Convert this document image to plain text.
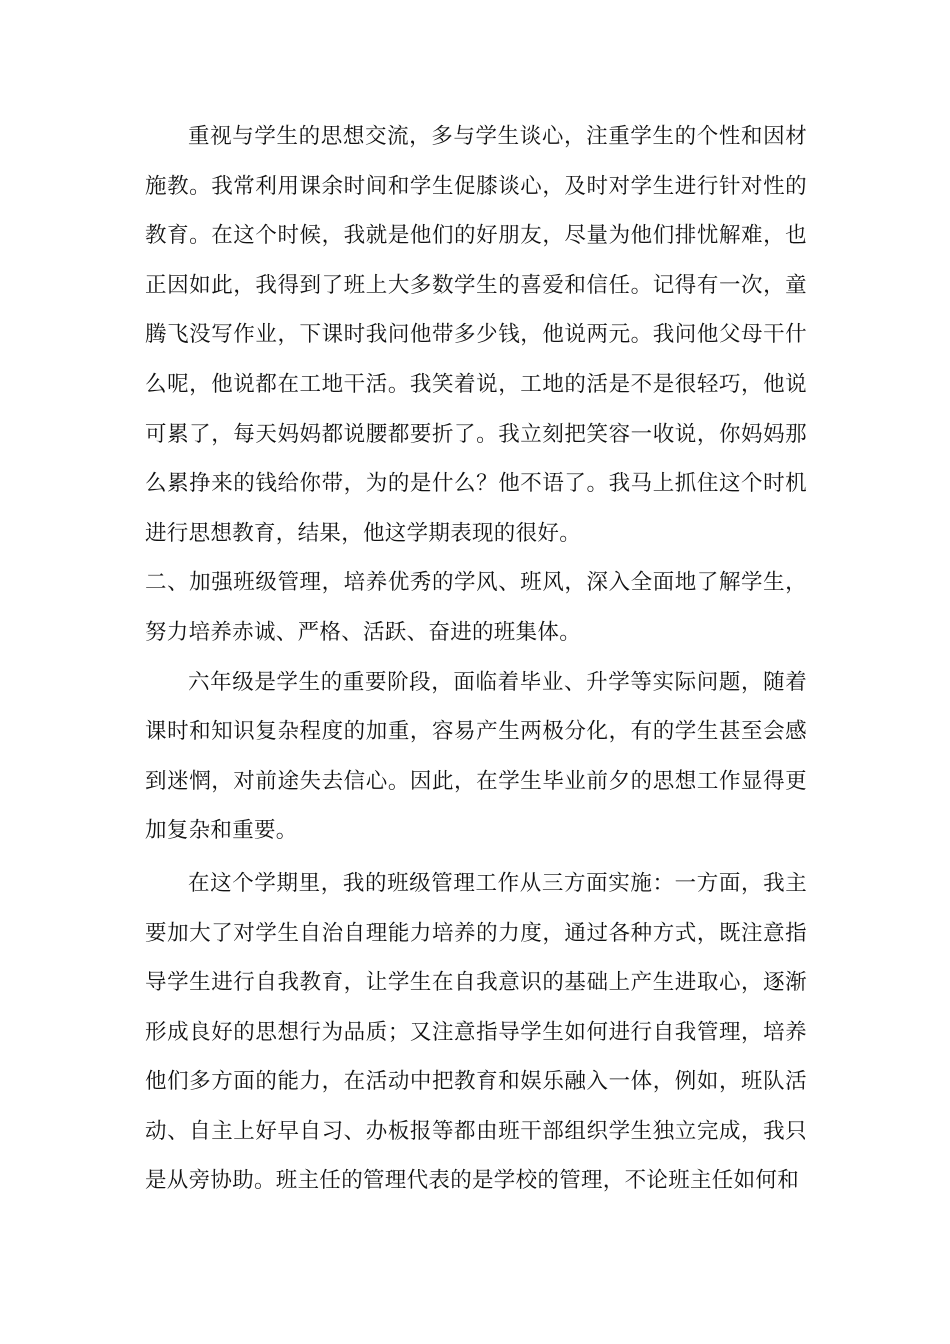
重视与学生的思想交流，多与学生谈心，注重学生的个性和因材施教。我常利用课余时间和学生促膝谈心，及时对学生进行针对性的教育。在这个时候，我就是他们的好朋友，尽量为他们排忧解难，也正因如此，我得到了班上大多数学生的喜爱和信任。记得有一次，童腾飞没写作业，下课时我问他带多少钱，他说两元。我问他父母干什么呢，他说都在工地干活。我笑着说，工地的活是不是很轻巧，他说可累了，每天妈妈都说腰都要折了。我立刻把笑容一收说，你妈妈那么累挣来的钱给你带，为的是什么？他不语了。我马上抓住这个时机进行思想教育，结果，他这学期表现的很好。

二、加强班级管理，培养优秀的学风、班风，深入全面地了解学生，努力培养赤诚、严格、活跃、奋进的班集体。

六年级是学生的重要阶段，面临着毕业、升学等实际问题，随着课时和知识复杂程度的加重，容易产生两极分化，有的学生甚至会感到迷惘，对前途失去信心。因此，在学生毕业前夕的思想工作显得更加复杂和重要。

在这个学期里，我的班级管理工作从三方面实施：一方面，我主要加大了对学生自治自理能力培养的力度，通过各种方式，既注意指导学生进行自我教育，让学生在自我意识的基础上产生进取心，逐渐形成良好的思想行为品质；又注意指导学生如何进行自我管理，培养他们多方面的能力，在活动中把教育和娱乐融入一体，例如，班队活动、自主上好早自习、办板报等都由班干部组织学生独立完成，我只是从旁协助。班主任的管理代表的是学校的管理，不论班主任如何和
